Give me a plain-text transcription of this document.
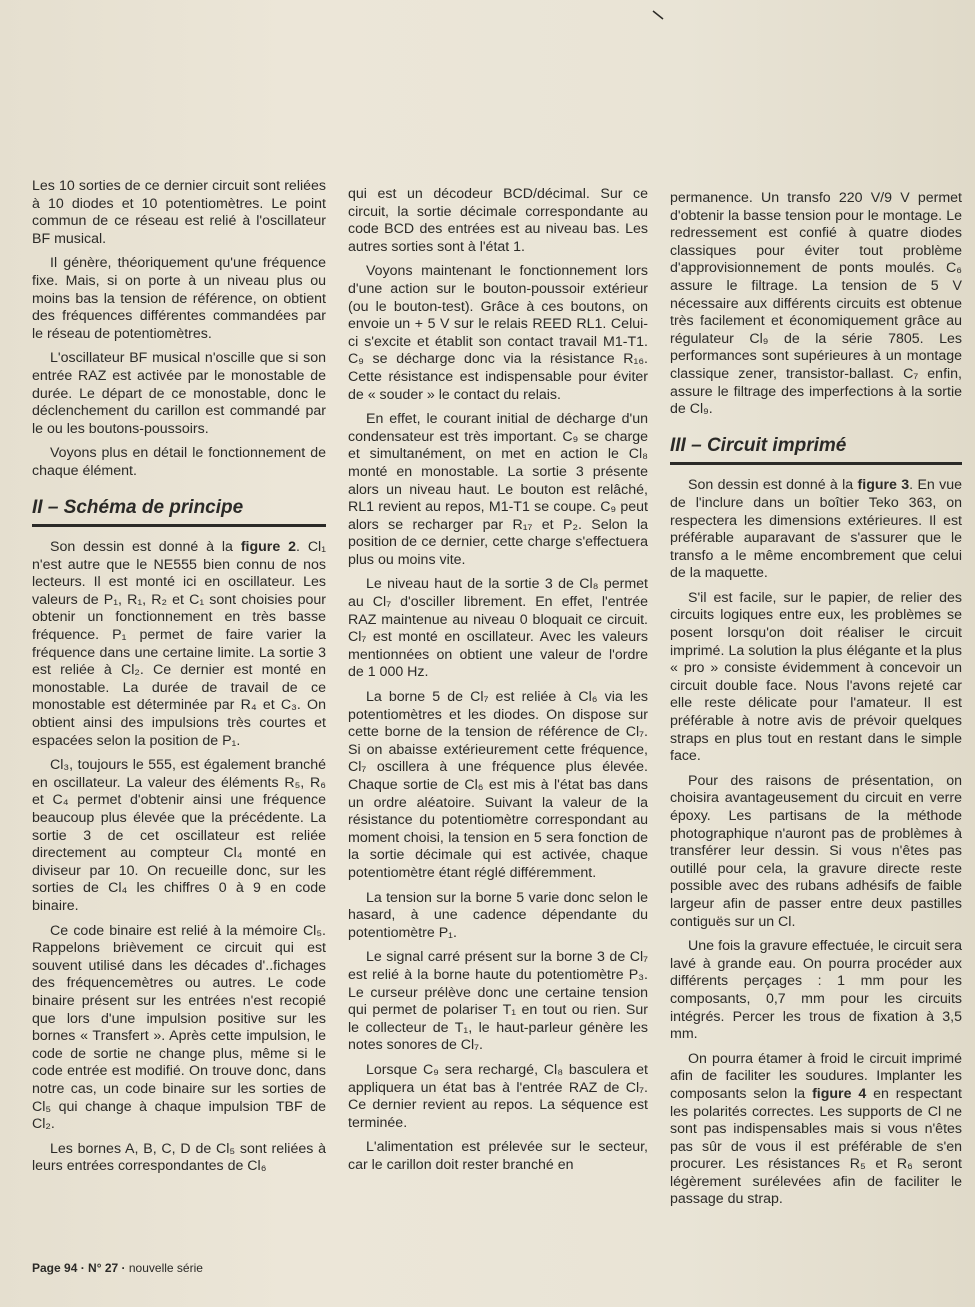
Les 10 sorties de ce dernier circuit sont reliées à 10 diodes et 10 potentiomètres. Le point commun de ce réseau est relié à l'oscillateur BF musical.

Il génère, théoriquement qu'une fréquence fixe. Mais, si on porte à un niveau plus ou moins bas la tension de référence, on obtient des fréquences différentes commandées par le réseau de potentiomètres.

L'oscillateur BF musical n'oscille que si son entrée RAZ est activée par le monostable de durée. Le départ de ce monostable, donc le déclenchement du carillon est commandé par le ou les boutons-poussoirs.

Voyons plus en détail le fonctionnement de chaque élément.

II – Schéma de principe

Son dessin est donné à la figure 2. Cl₁ n'est autre que le NE555 bien connu de nos lecteurs. Il est monté ici en oscillateur. Les valeurs de P₁, R₁, R₂ et C₁ sont choisies pour obtenir un fonctionnement en très basse fréquence. P₁ permet de faire varier la fréquence dans une certaine limite. La sortie 3 est reliée à Cl₂. Ce dernier est monté en monostable. La durée de travail de ce monostable est déterminée par R₄ et C₃. On obtient ainsi des impulsions très courtes et espacées selon la position de P₁.

Cl₃, toujours le 555, est également branché en oscillateur. La valeur des éléments R₅, R₆ et C₄ permet d'obtenir ainsi une fréquence beaucoup plus élevée que la précédente. La sortie 3 de cet oscillateur est reliée directement au compteur Cl₄ monté en diviseur par 10. On recueille donc, sur les sorties de Cl₄ les chiffres 0 à 9 en code binaire.

Ce code binaire est relié à la mémoire Cl₅. Rappelons brièvement ce circuit qui est souvent utilisé dans les décades d'..fichages des fréquencemètres ou autres. Le code binaire présent sur les entrées n'est recopié que lors d'une impulsion positive sur les bornes « Transfert ». Après cette impulsion, le code de sortie ne change plus, même si le code entrée est modifié. On trouve donc, dans notre cas, un code binaire sur les sorties de Cl₅ qui change à chaque impulsion TBF de Cl₂.

Les bornes A, B, C, D de Cl₅ sont reliées à leurs entrées correspondantes de Cl₆

qui est un décodeur BCD/décimal. Sur ce circuit, la sortie décimale correspondante au code BCD des entrées est au niveau bas. Les autres sorties sont à l'état 1.

Voyons maintenant le fonctionnement lors d'une action sur le bouton-poussoir extérieur (ou le bouton-test). Grâce à ces boutons, on envoie un + 5 V sur le relais REED RL1. Celui-ci s'excite et établit son contact travail M1-T1. C₉ se décharge donc via la résistance R₁₆. Cette résistance est indispensable pour éviter de « souder » le contact du relais.

En effet, le courant initial de décharge d'un condensateur est très important. C₉ se charge et simultanément, on met en action le Cl₈ monté en monostable. La sortie 3 présente alors un niveau haut. Le bouton est relâché, RL1 revient au repos, M1-T1 se coupe. C₉ peut alors se recharger par R₁₇ et P₂. Selon la position de ce dernier, cette charge s'effectuera plus ou moins vite.

Le niveau haut de la sortie 3 de Cl₈ permet au Cl₇ d'osciller librement. En effet, l'entrée RAZ maintenue au niveau 0 bloquait ce circuit. Cl₇ est monté en oscillateur. Avec les valeurs mentionnées on obtient une valeur de l'ordre de 1 000 Hz.

La borne 5 de Cl₇ est reliée à Cl₆ via les potentiomètres et les diodes. On dispose sur cette borne de la tension de référence de Cl₇. Si on abaisse extérieurement cette fréquence, Cl₇ oscillera à une fréquence plus élevée. Chaque sortie de Cl₆ est mis à l'état bas dans un ordre aléatoire. Suivant la valeur de la résistance du potentiomètre correspondant au moment choisi, la tension en 5 sera fonction de la sortie décimale qui est activée, chaque potentiomètre étant réglé différemment.

La tension sur la borne 5 varie donc selon le hasard, à une cadence dépendante du potentiomètre P₁.

Le signal carré présent sur la borne 3 de Cl₇ est relié à la borne haute du potentiomètre P₃. Le curseur prélève donc une certaine tension qui permet de polariser T₁ en tout ou rien. Sur le collecteur de T₁, le haut-parleur génère les notes sonores de Cl₇.

Lorsque C₉ sera rechargé, Cl₈ basculera et appliquera un état bas à l'entrée RAZ de Cl₇. Ce dernier revient au repos. La séquence est terminée.

L'alimentation est prélevée sur le secteur, car le carillon doit rester branché en

permanence. Un transfo 220 V/9 V permet d'obtenir la basse tension pour le montage. Le redressement est confié à quatre diodes classiques pour éviter tout problème d'approvisionnement de ponts moulés. C₆ assure le filtrage. La tension de 5 V nécessaire aux différents circuits est obtenue très facilement et économiquement grâce au régulateur Cl₉ de la série 7805. Les performances sont supérieures à un montage classique zener, transistor-ballast. C₇ enfin, assure le filtrage des imperfections à la sortie de Cl₉.

III – Circuit imprimé

Son dessin est donné à la figure 3. En vue de l'inclure dans un boîtier Teko 363, on respectera les dimensions extérieures. Il est préférable auparavant de s'assurer que le transfo a le même encombrement que celui de la maquette.

S'il est facile, sur le papier, de relier des circuits logiques entre eux, les problèmes se posent lorsqu'on doit réaliser le circuit imprimé. La solution la plus élégante et la plus « pro » consiste évidemment à concevoir un circuit double face. Nous l'avons rejeté car elle reste délicate pour l'amateur. Il est préférable à notre avis de prévoir quelques straps en plus tout en restant dans le simple face.

Pour des raisons de présentation, on choisira avantageusement du circuit en verre époxy. Les partisans de la méthode photographique n'auront pas de problèmes à transférer leur dessin. Si vous n'êtes pas outillé pour cela, la gravure directe reste possible avec des rubans adhésifs de faible largeur afin de passer entre deux pastilles contiguës sur un Cl.

Une fois la gravure effectuée, le circuit sera lavé à grande eau. On pourra procéder aux différents perçages : 1 mm pour les composants, 0,7 mm pour les circuits intégrés. Percer les trous de fixation à 3,5 mm.

On pourra étamer à froid le circuit imprimé afin de faciliter les soudures. Implanter les composants selon la figure 4 en respectant les polarités correctes. Les supports de Cl ne sont pas indispensables mais si vous n'êtes pas sûr de vous il est préférable de s'en procurer. Les résistances R₅ et R₆ seront légèrement surélevées afin de faciliter le passage du strap.

Page 94 · N° 27 · nouvelle série
